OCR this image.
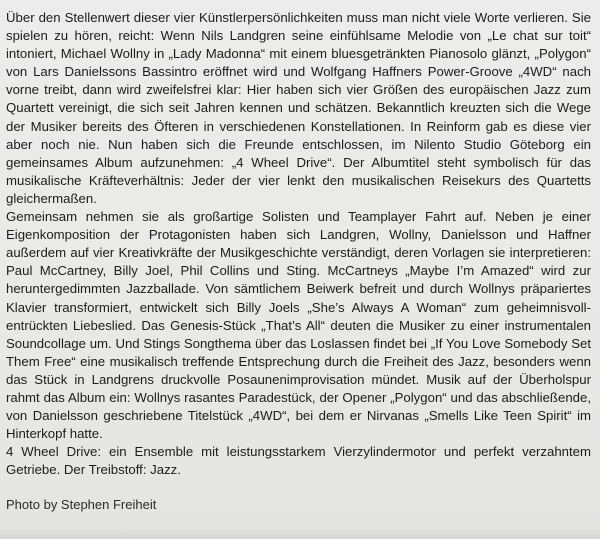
Über den Stellenwert dieser vier Künstlerpersönlichkeiten muss man nicht viele Worte verlieren. Sie spielen zu hören, reicht: Wenn Nils Landgren seine einfühlsame Melodie von „Le chat sur toit“ intoniert, Michael Wollny in „Lady Madonna“ mit einem bluesgetränkten Pianosolo glänzt, „Polygon“ von Lars Danielssons Bassintro eröffnet wird und Wolfgang Haffners Power-Groove „4WD“ nach vorne treibt, dann wird zweifelsfrei klar: Hier haben sich vier Größen des europäischen Jazz zum Quartett vereinigt, die sich seit Jahren kennen und schätzen. Bekanntlich kreuzten sich die Wege der Musiker bereits des Öfteren in verschiedenen Konstellationen. In Reinform gab es diese vier aber noch nie. Nun haben sich die Freunde entschlossen, im Nilento Studio Göteborg ein gemeinsames Album aufzunehmen: „4 Wheel Drive“. Der Albumtitel steht symbolisch für das musikalische Kräfteverhältnis: Jeder der vier lenkt den musikalischen Reisekurs des Quartetts gleichermaßen.

Gemeinsam nehmen sie als großartige Solisten und Teamplayer Fahrt auf. Neben je einer Eigenkomposition der Protagonisten haben sich Landgren, Wollny, Danielsson und Haffner außerdem auf vier Kreativkräfte der Musikgeschichte verständigt, deren Vorlagen sie interpretieren: Paul McCartney, Billy Joel, Phil Collins und Sting. McCartneys „Maybe I’m Amazed“ wird zur heruntergedimmten Jazzballade. Von sämtlichem Beiwerk befreit und durch Wollnys präpariertes Klavier transformiert, entwickelt sich Billy Joels „She’s Always A Woman“ zum geheimnisvoll-entrückten Liebeslied. Das Genesis-Stück „That’s All“ deuten die Musiker zu einer instrumentalen Soundcollage um. Und Stings Songthema über das Loslassen findet bei „If You Love Somebody Set Them Free“ eine musikalisch treffende Entsprechung durch die Freiheit des Jazz, besonders wenn das Stück in Landgrens druckvolle Posaunenimprovisation mündet. Musik auf der Überholspur rahmt das Album ein: Wollnys rasantes Paradestück, der Opener „Polygon“ und das abschließende, von Danielsson geschriebene Titelstück „4WD“, bei dem er Nirvanas „Smells Like Teen Spirit“ im Hinterkopf hatte.

4 Wheel Drive: ein Ensemble mit leistungsstarkem Vierzylindermotor und perfekt verzahntem Getriebe. Der Treibstoff: Jazz.

Photo by Stephen Freiheit
